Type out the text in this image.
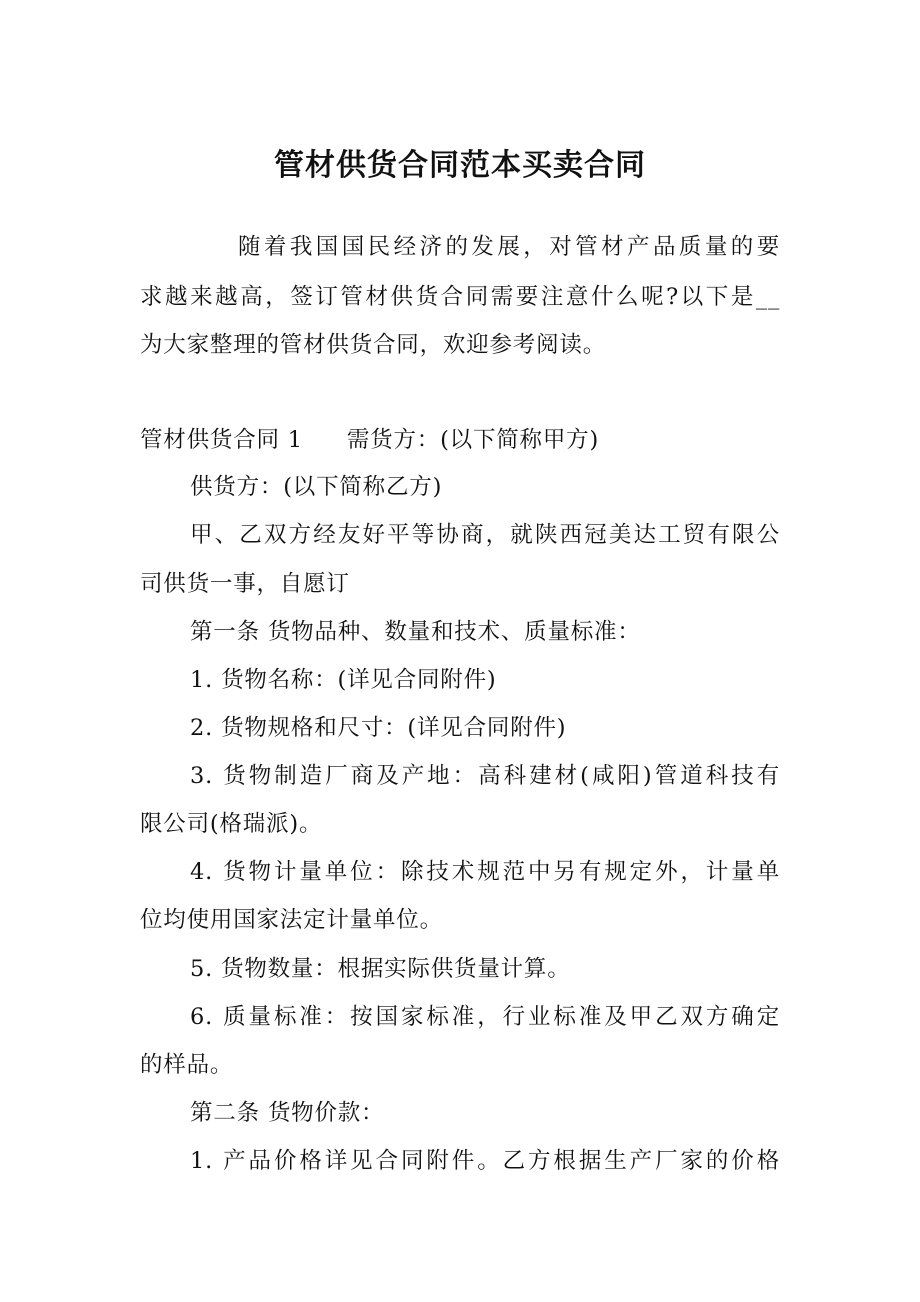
管材供货合同范本买卖合同
随着我国国民经济的发展，对管材产品质量的要
求越来越高，签订管材供货合同需要注意什么呢?以下是__
为大家整理的管材供货合同，欢迎参考阅读。
管材供货合同 1 需货方：(以下简称甲方)
供货方：(以下简称乙方)
甲、乙双方经友好平等协商，就陕西冠美达工贸有限公
司供货一事，自愿订
第一条 货物品种、数量和技术、质量标准：
1. 货物名称：(详见合同附件)
2. 货物规格和尺寸：(详见合同附件)
3. 货物制造厂商及产地：高科建材(咸阳)管道科技有
限公司(格瑞派)。
4. 货物计量单位：除技术规范中另有规定外，计量单
位均使用国家法定计量单位。
5. 货物数量：根据实际供货量计算。
6. 质量标准：按国家标准，行业标准及甲乙双方确定
的样品。
第二条 货物价款：
1. 产品价格详见合同附件。乙方根据生产厂家的价格
